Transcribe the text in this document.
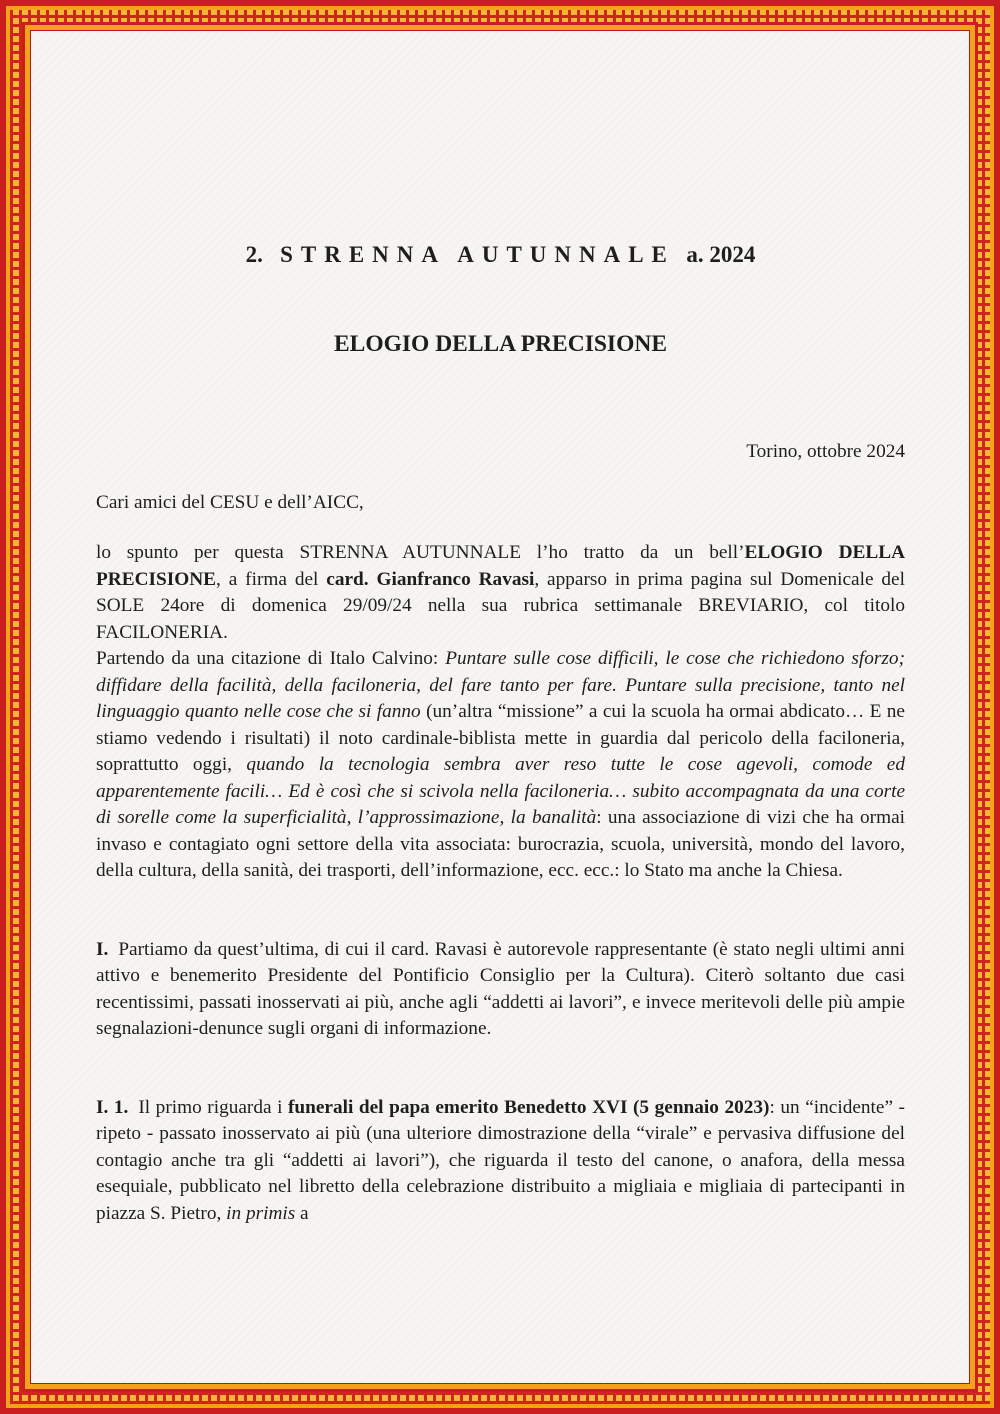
2. STRENNA AUTUNNALE a. 2024
ELOGIO DELLA PRECISIONE
Torino, ottobre 2024
Cari amici del CESU e dell’AICC,

lo spunto per questa STRENNA AUTUNNALE l’ho tratto da un bell’ELOGIO DELLA PRECISIONE, a firma del card. Gianfranco Ravasi, apparso in prima pagina sul Domenicale del SOLE 24ore di domenica 29/09/24 nella sua rubrica settimanale BREVIARIO, col titolo FACILONERIA.

Partendo da una citazione di Italo Calvino: Puntare sulle cose difficili, le cose che richiedono sforzo; diffidare della facilità, della faciloneria, del fare tanto per fare. Puntare sulla precisione, tanto nel linguaggio quanto nelle cose che si fanno (un’altra “missione” a cui la scuola ha ormai abdicato… E ne stiamo vedendo i risultati) il noto cardinale-biblista mette in guardia dal pericolo della faciloneria, soprattutto oggi, quando la tecnologia sembra aver reso tutte le cose agevoli, comode ed apparentemente facili… Ed è così che si scivola nella faciloneria… subito accompagnata da una corte di sorelle come la superficialità, l’approssimazione, la banalità: una associazione di vizi che ha ormai invaso e contagiato ogni settore della vita associata: burocrazia, scuola, università, mondo del lavoro, della cultura, della sanità, dei trasporti, dell’informazione, ecc. ecc.: lo Stato ma anche la Chiesa.

I. Partiamo da quest’ultima, di cui il card. Ravasi è autorevole rappresentante (è stato negli ultimi anni attivo e benemerito Presidente del Pontificio Consiglio per la Cultura). Citerò soltanto due casi recentissimi, passati inosservati ai più, anche agli “addetti ai lavori”, e invece meritevoli delle più ampie segnalazioni-denunce sugli organi di informazione.

I. 1. Il primo riguarda i funerali del papa emerito Benedetto XVI (5 gennaio 2023): un “incidente” - ripeto - passato inosservato ai più (una ulteriore dimostrazione della “virale” e pervasiva diffusione del contagio anche tra gli “addetti ai lavori”), che riguarda il testo del canone, o anafora, della messa esequiale, pubblicato nel libretto della celebrazione distribuito a migliaia e migliaia di partecipanti in piazza S. Pietro, in primis a
